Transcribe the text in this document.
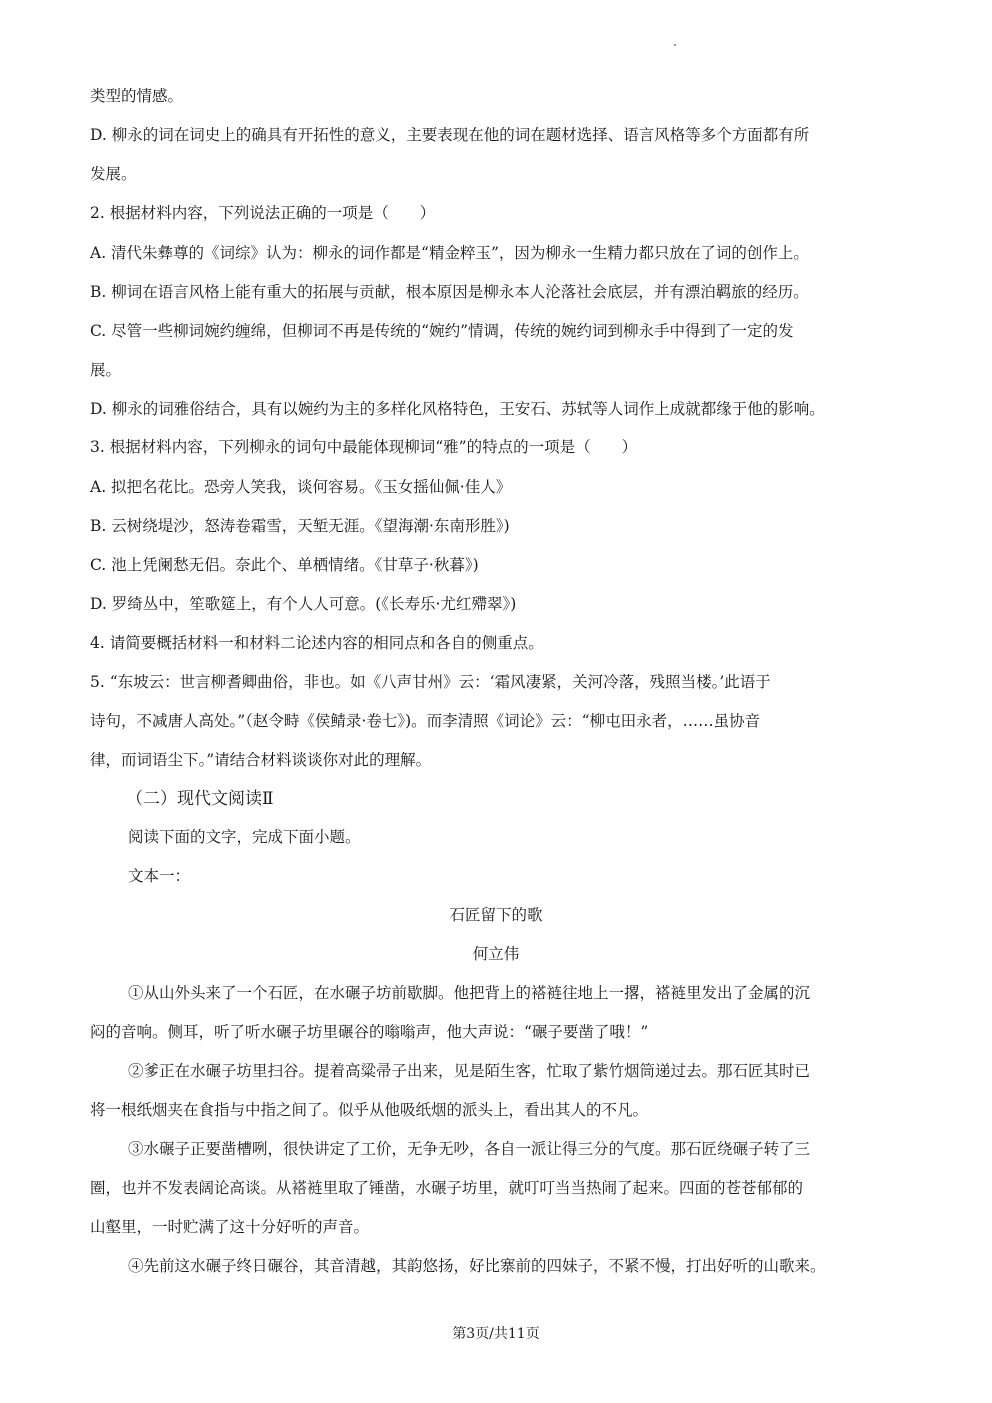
类型的情感。
D. 柳永的词在词史上的确具有开拓性的意义，主要表现在他的词在题材选择、语言风格等多个方面都有所
发展。
2. 根据材料内容，下列说法正确的一项是（　　）
A. 清代朱彝尊的《词综》认为：柳永的词作都是“精金粹玉”，因为柳永一生精力都只放在了词的创作上。
B. 柳词在语言风格上能有重大的拓展与贡献，根本原因是柳永本人沦落社会底层，并有漂泊羁旅的经历。
C. 尽管一些柳词婉约缠绵，但柳词不再是传统的“婉约”情调，传统的婉约词到柳永手中得到了一定的发
展。
D. 柳永的词雅俗结合，具有以婉约为主的多样化风格特色，王安石、苏轼等人词作上成就都缘于他的影响。
3. 根据材料内容，下列柳永的词句中最能体现柳词“雅”的特点的一项是（　　）
A. 拟把名花比。恐旁人笑我，谈何容易。《玉女摇仙佩·佳人》
B. 云树绕堤沙，怒涛卷霜雪，天堑无涯。《望海潮·东南形胜》)
C. 池上凭阑愁无侣。奈此个、单栖情绪。《甘草子·秋暮》)
D. 罗绮丛中，笙歌筵上，有个人人可意。(《长寿乐·尤红殢翠》)
4. 请简要概括材料一和材料二论述内容的相同点和各自的侧重点。
5. “东坡云：世言柳耆卿曲俗，非也。如《八声甘州》云：‘霜风凄紧，关河冷落，残照当楼。’此语于
诗句，不减唐人高处。”（赵令畤《侯鲭录·卷七》)。而李清照《词论》云：“柳屯田永者，……虽协音
律，而词语尘下。”请结合材料谈谈你对此的理解。
（二）现代文阅读Ⅱ
阅读下面的文字，完成下面小题。
文本一：
石匠留下的歌
何立伟
①从山外头来了一个石匠，在水碾子坊前歇脚。他把背上的褡裢往地上一撂，褡裢里发出了金属的沉
闷的音响。侧耳，听了听水碾子坊里碾谷的嗡嗡声，他大声说：“碾子要凿了哦！”
②爹正在水碾子坊里扫谷。提着高粱帚子出来，见是陌生客，忙取了紫竹烟筒递过去。那石匠其时已
将一根纸烟夹在食指与中指之间了。似乎从他吸纸烟的派头上，看出其人的不凡。
③水碾子正要凿槽咧，很快讲定了工价，无争无吵，各自一派让得三分的气度。那石匠绕碾子转了三
圈，也并不发表阔论高谈。从褡裢里取了锤凿，水碾子坊里，就叮叮当当热闹了起来。四面的苍苍郁郁的
山壑里，一时贮满了这十分好听的声音。
④先前这水碾子终日碾谷，其音清越，其韵悠扬，好比寨前的四妹子，不紧不慢，打出好听的山歌来。
第3页/共11页
